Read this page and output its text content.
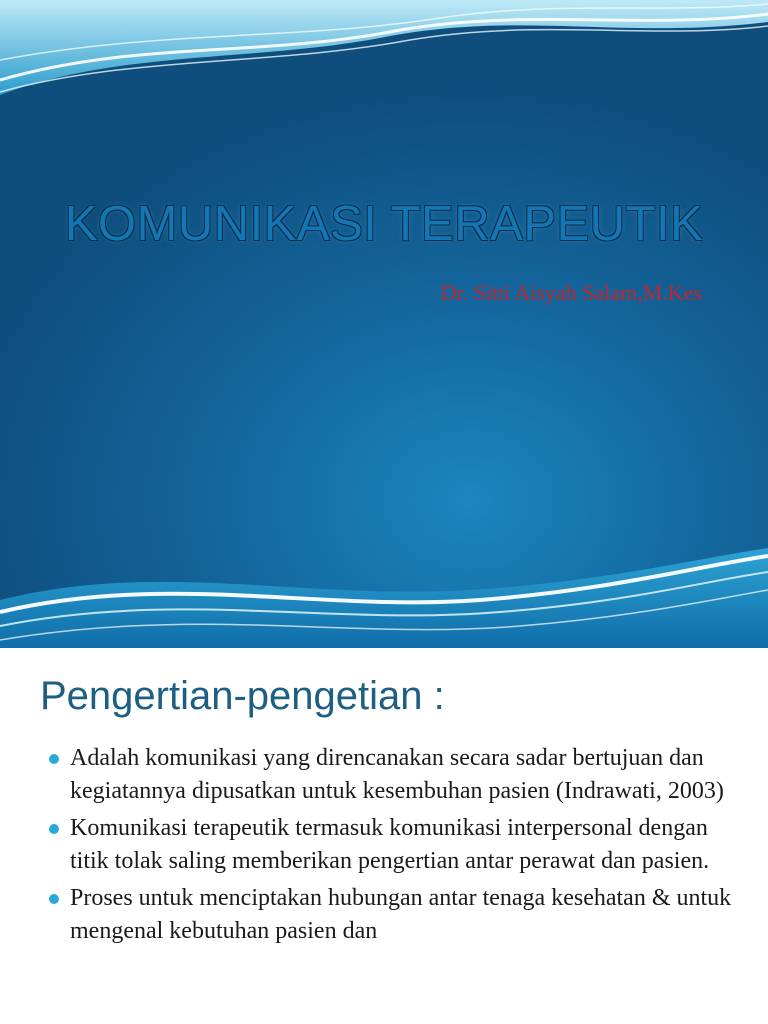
KOMUNIKASI TERAPEUTIK
Dr. Sitti Aisyah Salam,M.Kes
Pengertian-pengetian :
Adalah komunikasi yang direncanakan secara sadar bertujuan dan kegiatannya dipusatkan untuk kesembuhan pasien (Indrawati, 2003)
Komunikasi terapeutik termasuk komunikasi interpersonal dengan titik tolak saling memberikan pengertian antar perawat dan pasien.
Proses untuk menciptakan hubungan antar tenaga kesehatan & untuk mengenal kebutuhan pasien dan
